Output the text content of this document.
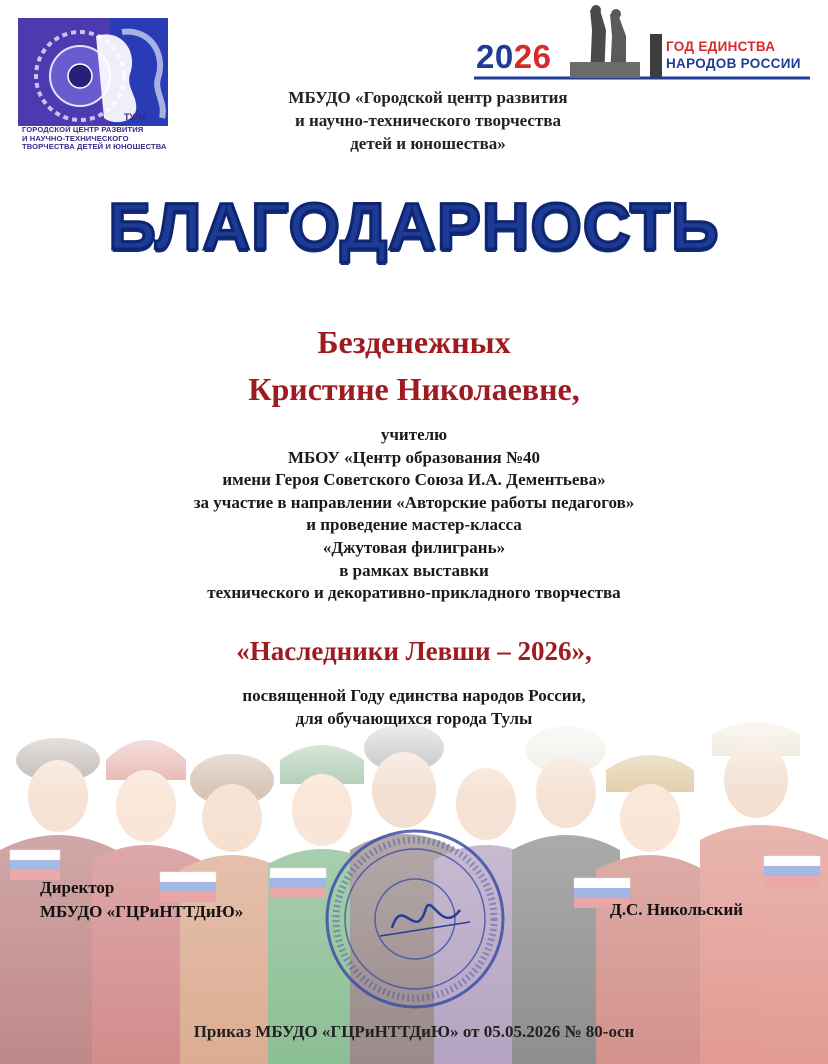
ТУЛА
ГОРОДСКОЙ ЦЕНТР РАЗВИТИЯ
И НАУЧНО-ТЕХНИЧЕСКОГО
ТВОРЧЕСТВА ДЕТЕЙ И ЮНОШЕСТВА
2026	ГОД ЕДИНСТВА
НАРОДОВ РОССИИ
МБУДО «Городской центр развития
и научно-технического творчества
детей и юношества»
БЛАГОДАРНОСТЬ
Безденежных
Кристине Николаевне,
учителю
МБОУ «Центр образования №40
имени Героя Советского Союза И.А. Дементьева»
за участие в направлении «Авторские работы педагогов»
и проведение мастер-класса
«Джутовая филигрань»
в рамках выставки
технического и декоративно-прикладного творчества
«Наследники Левши – 2026»,
посвященной Году единства народов России,
для обучающихся города Тулы
Директор
МБУДО «ГЦРиНТТДиЮ»	Д.С. Никольский
Приказ МБУДО «ГЦРиНТТДиЮ» от 05.05.2026 № 80-осн
